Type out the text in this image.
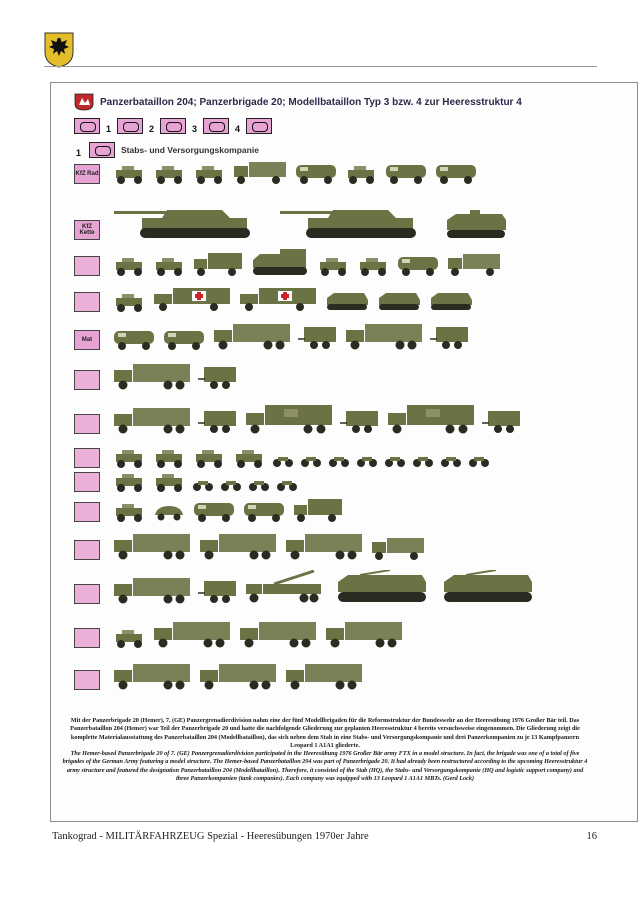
Panzerbataillon 204; Panzerbrigade 20; Modellbataillon Typ 3 bzw. 4 zur Heeresstruktur 4
1	2	3	4
1	Stabs- und Versorgungskompanie
KfZ Rad
KfZ Kette
Mat

Mit der Panzerbrigade 20 (Hemer), 7. (GE) Panzergrenadierdivision nahm eine der fünf Modellbrigaden für die Reformstruktur der Bundeswehr an der Heeresübung 1976 Großer Bär teil. Das Panzerbataillon 204 (Hemer) war Teil der Panzerbrigade 20 und hatte die nachfolgende Gliederung zur geplanten Heeresstruktur 4 bereits versuchsweise eingenommen. Die Gliederung zeigt die komplette Materialausstattung des Panzerbataillon 204 (Modellbataillon), das sich neben dem Stab in eine Stabs- und Versorgungskompanie und drei Panzerkompanien zu je 13 Kampfpanzern Leopard 1 A1A1 gliederte.

The Hemer-based Panzerbrigade 20 of 7. (GE) Panzergrenadierdivision participated in the Heeresübung 1976 Großer Bär army FTX in a model structure. In fact, the brigade was one of a total of five brigades of the German Army featuring a model structure. The Hemer-based Panzerbataillon 204 was part of Panzerbrigade 20. It had already been restructured according to the upcoming Heeresstruktur 4 army structure and featured the designation Panzerbataillon 204 (Modellbataillon). Therefore, it consisted of the Stab (HQ), the Stabs- und Versorgungskompanie (HQ and logistic support company) and three Panzerkompanien (tank companies). Each company was equipped with 13 Leopard 1 A1A1 MBTs. (Gerd Lock)

Tankograd - MILITÄRFAHRZEUG Spezial - Heeresübungen 1970er Jahre	16
